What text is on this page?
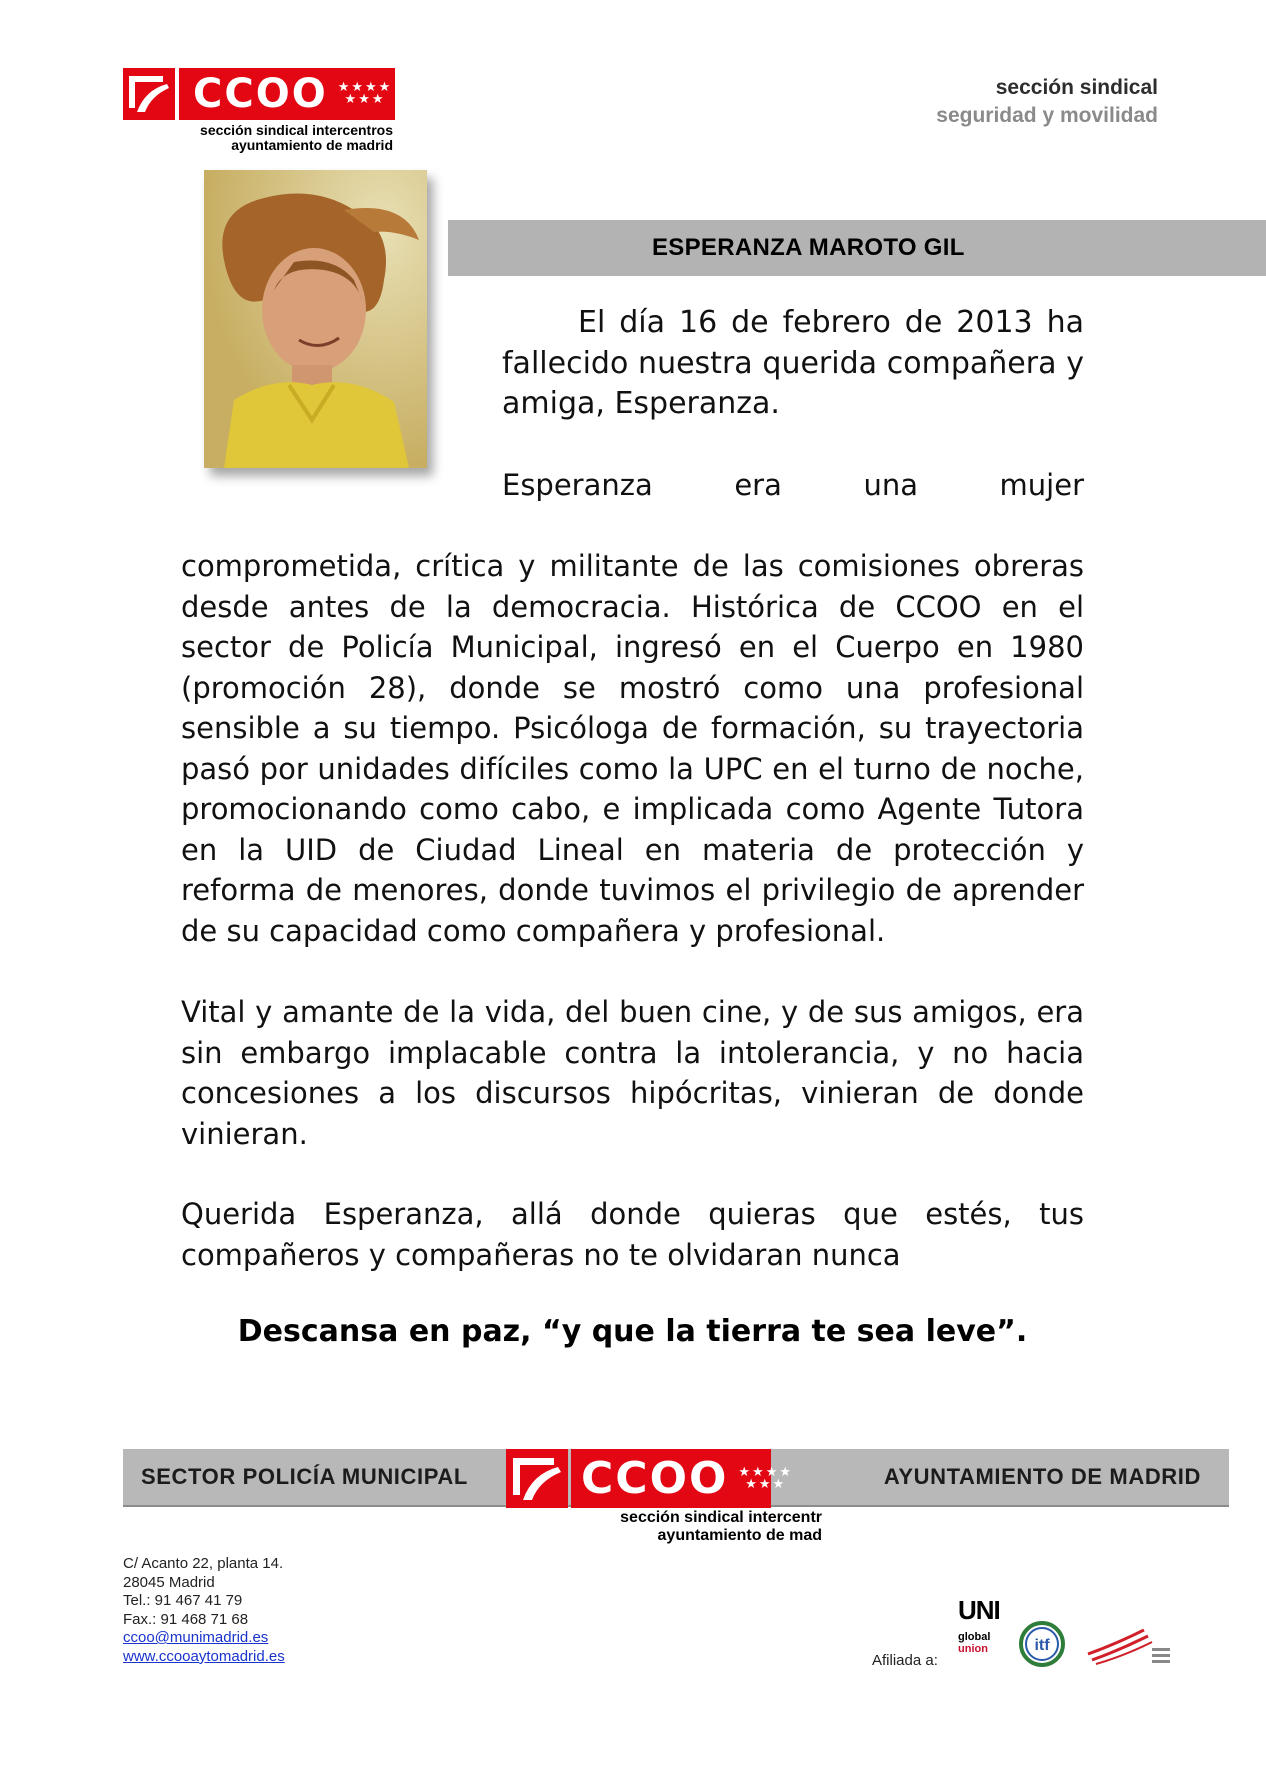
CCOO ★★★★
★★★
sección sindical intercentros
ayuntamiento de madrid
sección sindical
seguridad y movilidad
ESPERANZA MAROTO GIL
El día 16 de febrero de 2013 ha fallecido nuestra querida compañera y amiga, Esperanza.
Esperanza era una mujer
comprometida, crítica y militante de las comisiones obreras desde antes de la democracia. Histórica de CCOO en el sector de Policía Municipal, ingresó en el Cuerpo en 1980 (promoción 28), donde se mostró como una profesional sensible a su tiempo. Psicóloga de formación, su trayectoria pasó por unidades difíciles como la UPC en el turno de noche, promocionando como cabo, e implicada como Agente Tutora en la UID de Ciudad Lineal en materia de protección y reforma de menores, donde tuvimos el privilegio de aprender de su capacidad como compañera y profesional.
Vital y amante de la vida, del buen cine, y de sus amigos, era sin embargo implacable contra la intolerancia, y no hacia concesiones a los discursos hipócritas, vinieran de donde vinieran.
Querida Esperanza, allá donde quieras que estés, tus compañeros y compañeras no te olvidaran nunca
Descansa en paz, “y que la tierra te sea leve”.
SECTOR POLICÍA MUNICIPAL	AYUNTAMIENTO DE MADRID
CCOO ★★★★
★★★
sección sindical intercentr
ayuntamiento de mad
C/ Acanto 22, planta 14.
28045 Madrid
Tel.: 91 467 41 79
Fax.: 91 468 71 68
ccoo@munimadrid.es
www.ccooaytomadrid.es	Afiliada a:
UNI
global
union	itf
